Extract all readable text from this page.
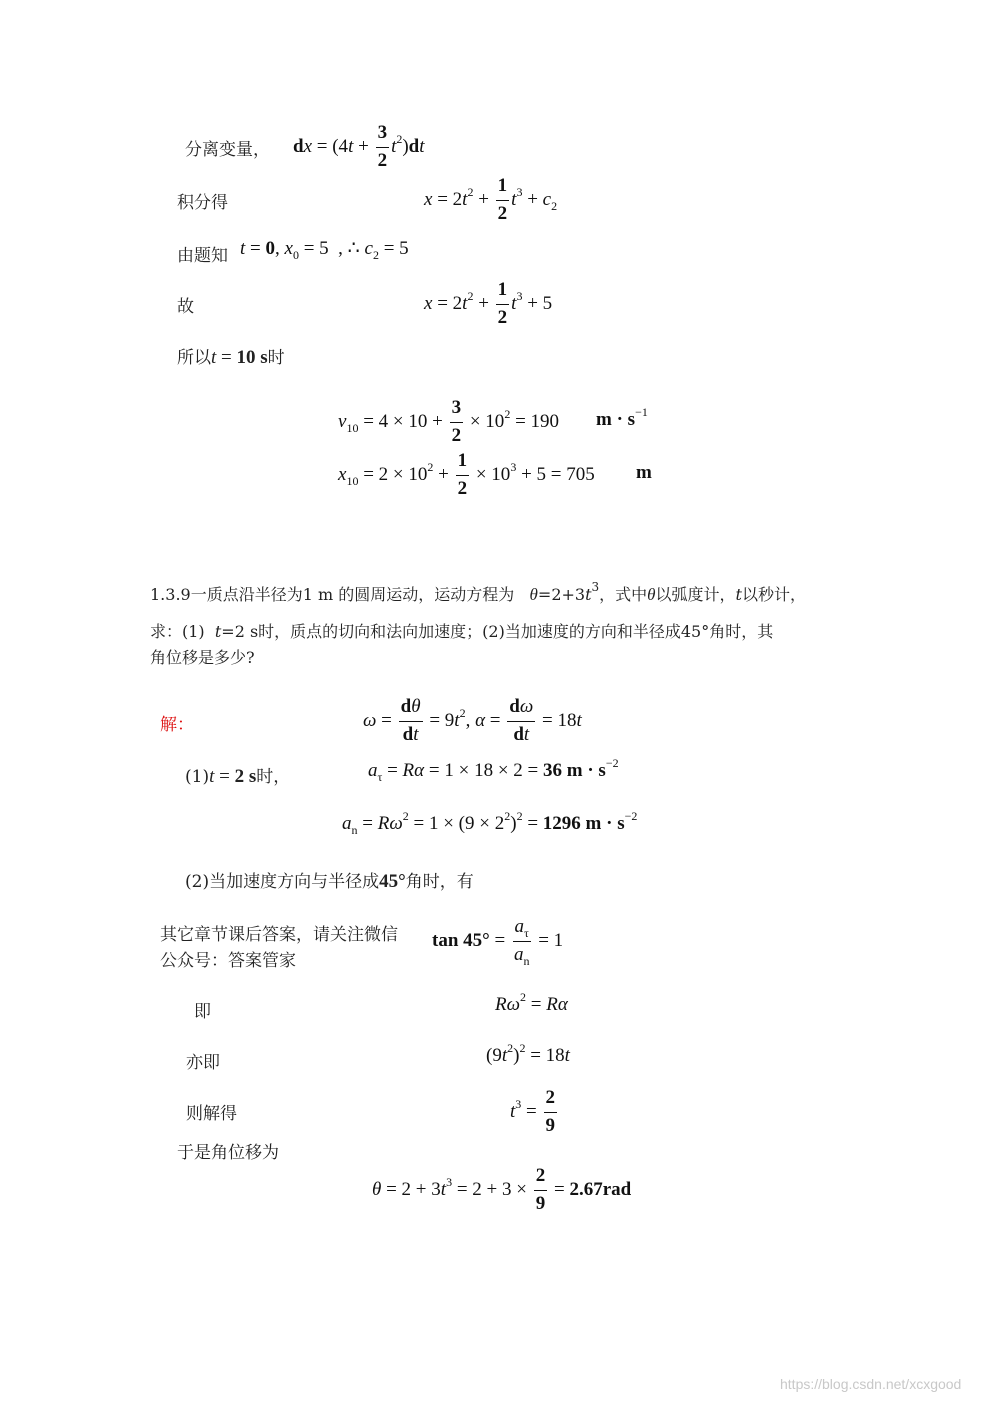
分离变量， dx = $(4t + \frac{3}{2} t^2)dt$
积分得	$x = 2t^2 + \frac{1}{2} t^3 + c_2$
由题知 t = 0, $x_0 = 5$  , ∴ $c_2 = 5$
故	$x = 2t^2 + \frac{1}{2} t^3 + 5$
所以t = 10 s时
$v_{10} = 4 \times 10 + \frac{3}{2} \times 10^2 = 190$ $m \cdot s^{-1}$
$x_{10} = 2 \times 10^2 + \frac{1}{2} \times 10^3 + 5 = 705$ m
1.3.9一质点沿半径为1 m 的圆周运动，运动方程为 $\theta=2+3t^3$，式中θ以弧度计，t以秒计，
求：(1) t=2 s时，质点的切向和法向加速度；(2)当加速度的方向和半径成45°角时，其
角位移是多少?
解：	$\omega = \frac{d\theta}{dt} = 9t^2$, $\alpha = \frac{d\omega}{dt} = 18t$
(1)t = 2 s时，	$a_\tau = R\alpha = 1 \times 18 \times 2 = 36$ $m \cdot s^{-2}$
$a_n = R\omega^2 = 1 \times (9 \times 2^2)^2 = 1296$ $m \cdot s^{-2}$
(2)当加速度方向与半径成45°角时，有
其它章节课后答案，请关注微信
公众号：答案管家
$\tan 45^\circ = \frac{a_\tau}{a_n} = 1$
即	$R\omega^2 = R\alpha$
亦即	$(9t^2)^2 = 18t$
则解得	$t^3 = \frac{2}{9}$
于是角位移为
$\theta = 2 + 3t^3 = 2 + 3 \times \frac{2}{9} = 2.67rad$
https://blog.csdn.net/xcxgood
